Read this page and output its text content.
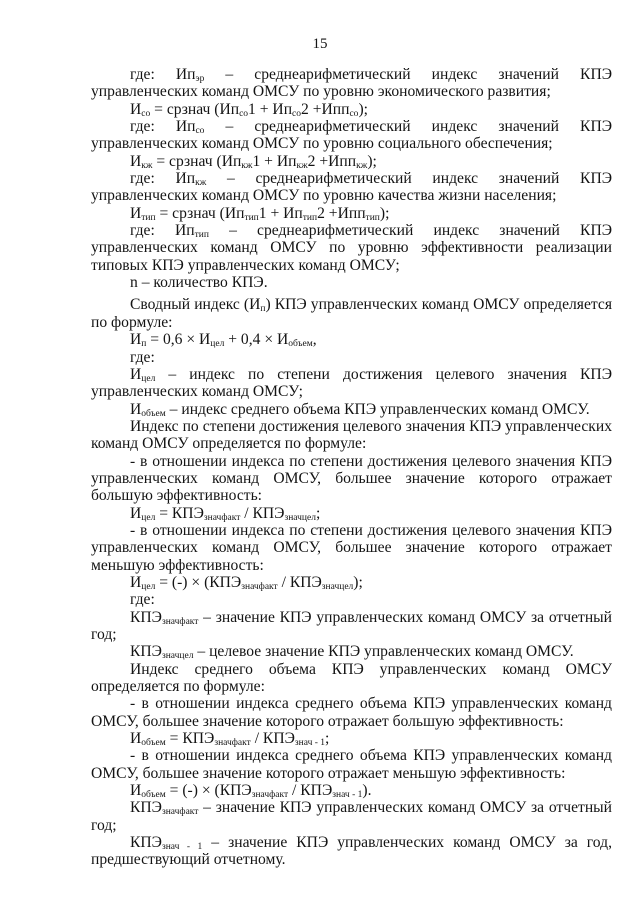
15

где: $Ип_{эр}$ – среднеарифметический индекс значений КПЭ управленческих команд ОМСУ по уровню экономического развития;

$И_{со}$ = срзнач $(Ип_{со}1 + Ип_{со}2 +Ипп_{со})$;

где: $Ип_{со}$ – среднеарифметический индекс значений КПЭ управленческих команд ОМСУ по уровню социального обеспечения;

$И_{кж}$ = срзнач $(Ип_{кж}1 + Ип_{кж}2 +Ипп_{кж})$;

где: $Ип_{кж}$ – среднеарифметический индекс значений КПЭ управленческих команд ОМСУ по уровню качества жизни населения;

$И_{тип}$ = срзнач $(Ип_{тип}1 + Ип_{тип}2 +Ипп_{тип})$;

где: $Ип_{тип}$ – среднеарифметический индекс значений КПЭ управленческих команд ОМСУ по уровню эффективности реализации типовых КПЭ управленческих команд ОМСУ;

n – количество КПЭ.

Сводный индекс $(И_п)$ КПЭ управленческих команд ОМСУ определяется по формуле:

$И_п = 0,6 \times И_{цел} + 0,4 \times И_{объем}$,

где:

$И_{цел}$ – индекс по степени достижения целевого значения КПЭ управленческих команд ОМСУ;

$И_{объем}$ – индекс среднего объема КПЭ управленческих команд ОМСУ.

Индекс по степени достижения целевого значения КПЭ управленческих команд ОМСУ определяется по формуле:

- в отношении индекса по степени достижения целевого значения КПЭ управленческих команд ОМСУ, большее значение которого отражает большую эффективность:

$И_{цел} = КПЭ_{значфакт} / КПЭ_{значцел}$;

- в отношении индекса по степени достижения целевого значения КПЭ управленческих команд ОМСУ, большее значение которого отражает меньшую эффективность:

$И_{цел}$ = (-) × $(КПЭ_{значфакт} / КПЭ_{значцел})$;

где:

$КПЭ_{значфакт}$ – значение КПЭ управленческих команд ОМСУ за отчетный год;

$КПЭ_{значцел}$ – целевое значение КПЭ управленческих команд ОМСУ.

Индекс среднего объема КПЭ управленческих команд ОМСУ определяется по формуле:

- в отношении индекса среднего объема КПЭ управленческих команд ОМСУ, большее значение которого отражает большую эффективность:

$И_{объем} = КПЭ_{значфакт} / КПЭ_{знач - 1}$;

- в отношении индекса среднего объема КПЭ управленческих команд ОМСУ, большее значение которого отражает меньшую эффективность:

$И_{объем}$ = (-) × $(КПЭ_{значфакт} / КПЭ_{знач - 1})$.

$КПЭ_{значфакт}$ – значение КПЭ управленческих команд ОМСУ за отчетный год;

$КПЭ_{знач - 1}$ – значение КПЭ управленческих команд ОМСУ за год, предшествующий отчетному.
